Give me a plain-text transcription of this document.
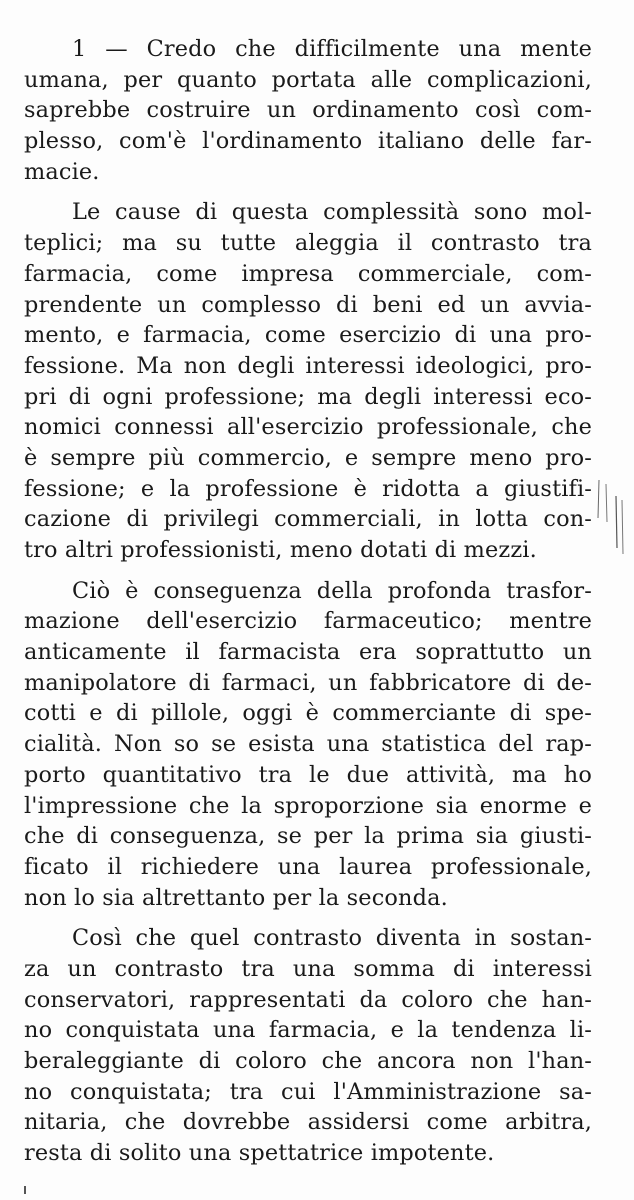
1 — Credo che difficilmente una mente
umana, per quanto portata alle complicazioni,
saprebbe costruire un ordinamento così com-
plesso, com'è l'ordinamento italiano delle far-
macie.
Le cause di questa complessità sono mol-
teplici; ma su tutte aleggia il contrasto tra
farmacia, come impresa commerciale, com-
prendente un complesso di beni ed un avvia-
mento, e farmacia, come esercizio di una pro-
fessione. Ma non degli interessi ideologici, pro-
pri di ogni professione; ma degli interessi eco-
nomici connessi all'esercizio professionale, che
è sempre più commercio, e sempre meno pro-
fessione; e la professione è ridotta a giustifi-
cazione di privilegi commerciali, in lotta con-
tro altri professionisti, meno dotati di mezzi.
Ciò è conseguenza della profonda trasfor-
mazione dell'esercizio farmaceutico; mentre
anticamente il farmacista era soprattutto un
manipolatore di farmaci, un fabbricatore di de-
cotti e di pillole, oggi è commerciante di spe-
cialità. Non so se esista una statistica del rap-
porto quantitativo tra le due attività, ma ho
l'impressione che la sproporzione sia enorme e
che di conseguenza, se per la prima sia giusti-
ficato il richiedere una laurea professionale,
non lo sia altrettanto per la seconda.
Così che quel contrasto diventa in sostan-
za un contrasto tra una somma di interessi
conservatori, rappresentati da coloro che han-
no conquistata una farmacia, e la tendenza li-
beraleggiante di coloro che ancora non l'han-
no conquistata; tra cui l'Amministrazione sa-
nitaria, che dovrebbe assidersi come arbitra,
resta di solito una spettatrice impotente.
